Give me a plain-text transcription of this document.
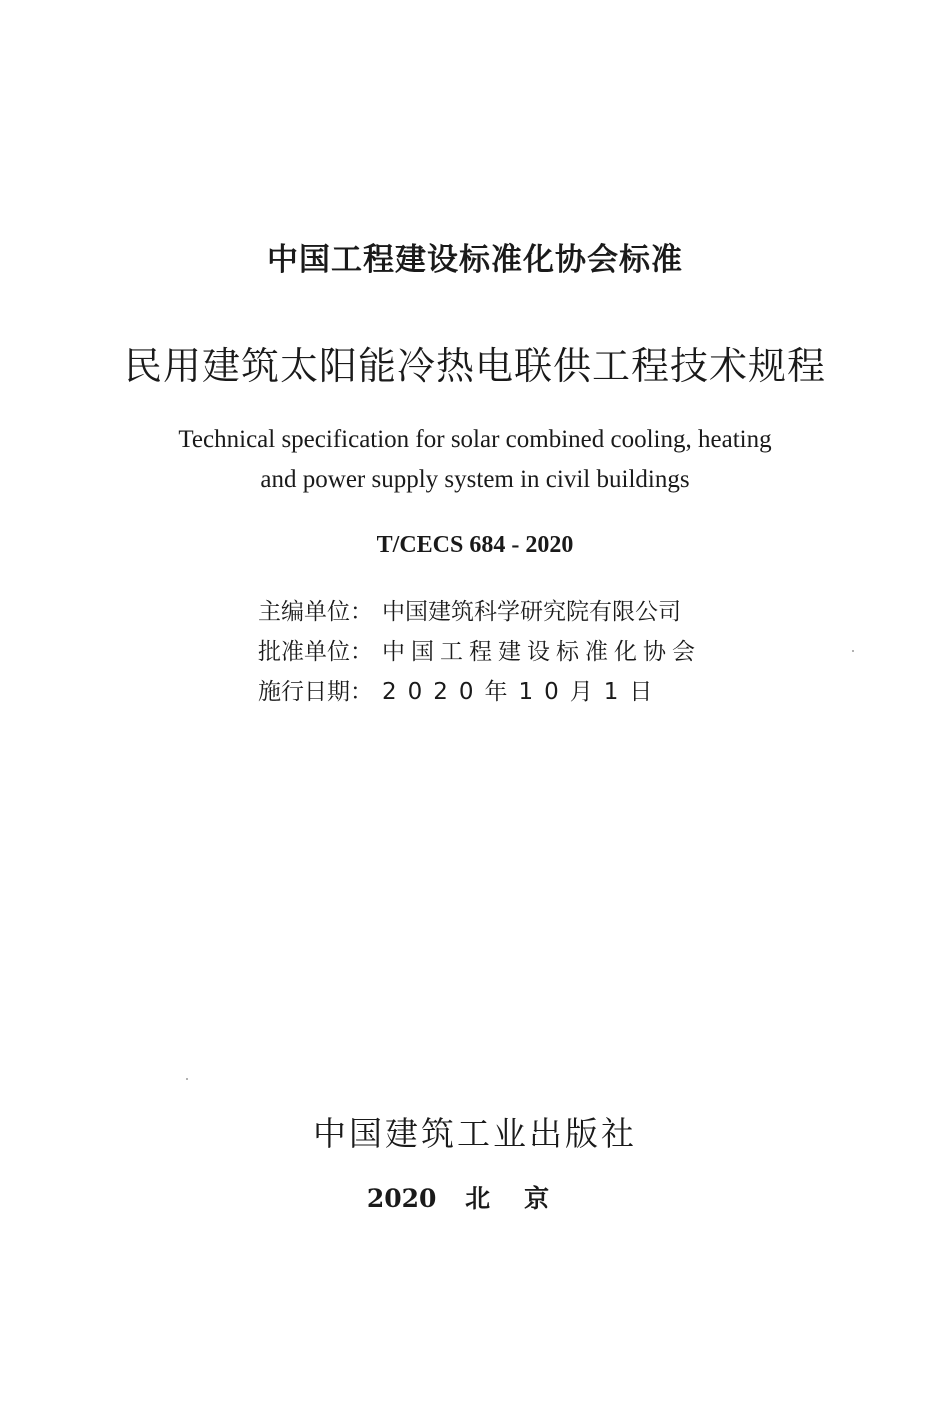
中国工程建设标准化协会标准
民用建筑太阳能冷热电联供工程技术规程
Technical specification for solar combined cooling, heating
and power supply system in civil buildings
T/CECS 684 - 2020
主编单位： 中国建筑科学研究院有限公司
批准单位： 中国工程建设标准化协会
施行日期： 2020年10月1日
中国建筑工业出版社
2020 北京
